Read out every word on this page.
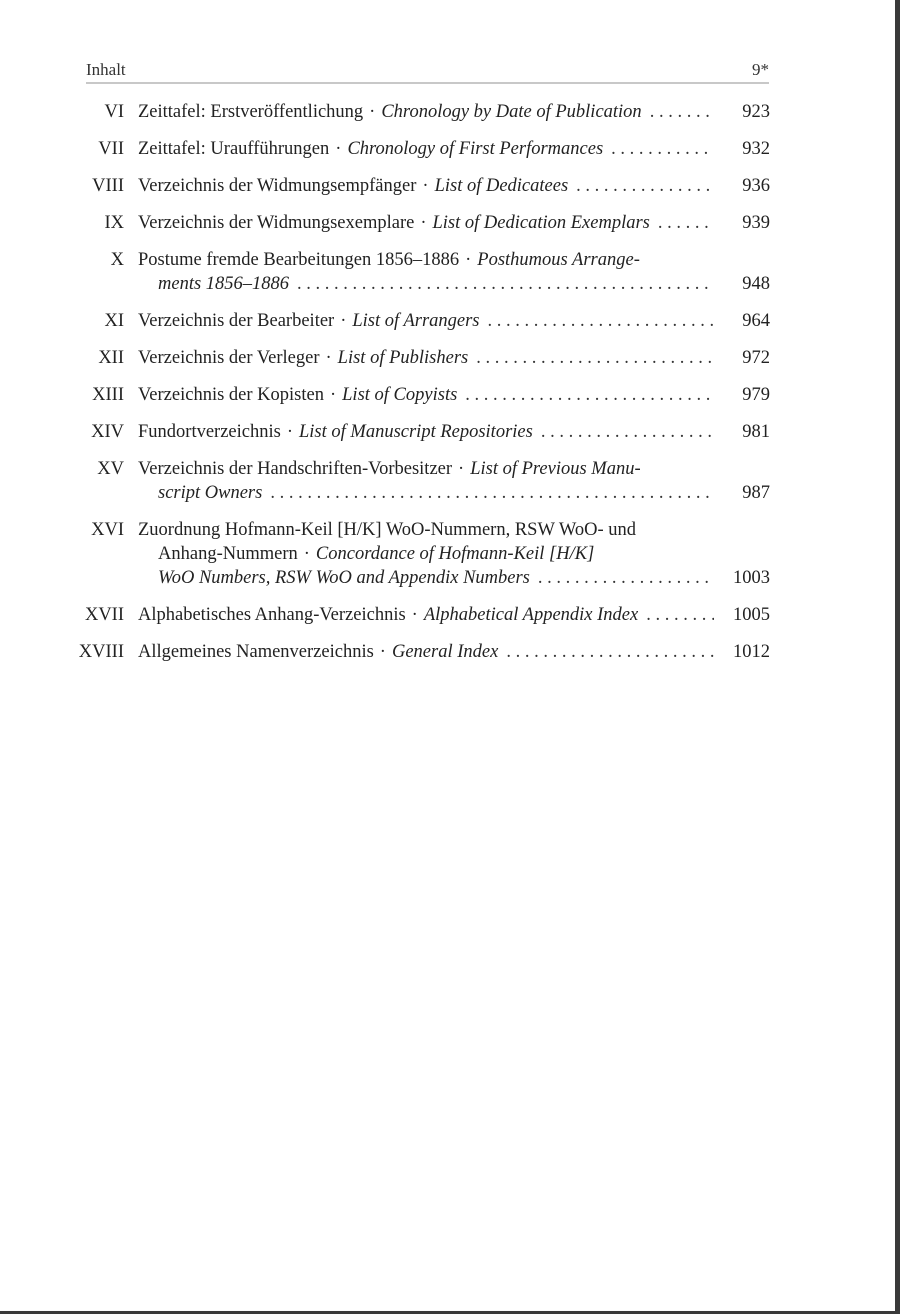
Inhalt	9*
VI Zeittafel: Erstveröffentlichung · Chronology by Date of Publication . . .	923
VII Zeittafel: Uraufführungen · Chronology of First Performances . . .	932
VIII Verzeichnis der Widmungsempfänger · List of Dedicatees . . .	936
IX Verzeichnis der Widmungsexemplare · List of Dedication Exemplars . . .	939
X Postume fremde Bearbeitungen 1856–1886 · Posthumous Arrange-
ments 1856–1886 . . .	948
XI Verzeichnis der Bearbeiter · List of Arrangers . . .	964
XII Verzeichnis der Verleger · List of Publishers . . .	972
XIII Verzeichnis der Kopisten · List of Copyists . . .	979
XIV Fundortverzeichnis · List of Manuscript Repositories . . .	981
XV Verzeichnis der Handschriften-Vorbesitzer · List of Previous Manu-
script Owners . . .	987
XVI Zuordnung Hofmann-Keil [H/K] WoO-Nummern, RSW WoO- und
Anhang-Nummern · Concordance of Hofmann-Keil [H/K]
WoO Numbers, RSW WoO and Appendix Numbers . . .	1003
XVII Alphabetisches Anhang-Verzeichnis · Alphabetical Appendix Index . . .	1005
XVIII Allgemeines Namenverzeichnis · General Index . . .	1012
